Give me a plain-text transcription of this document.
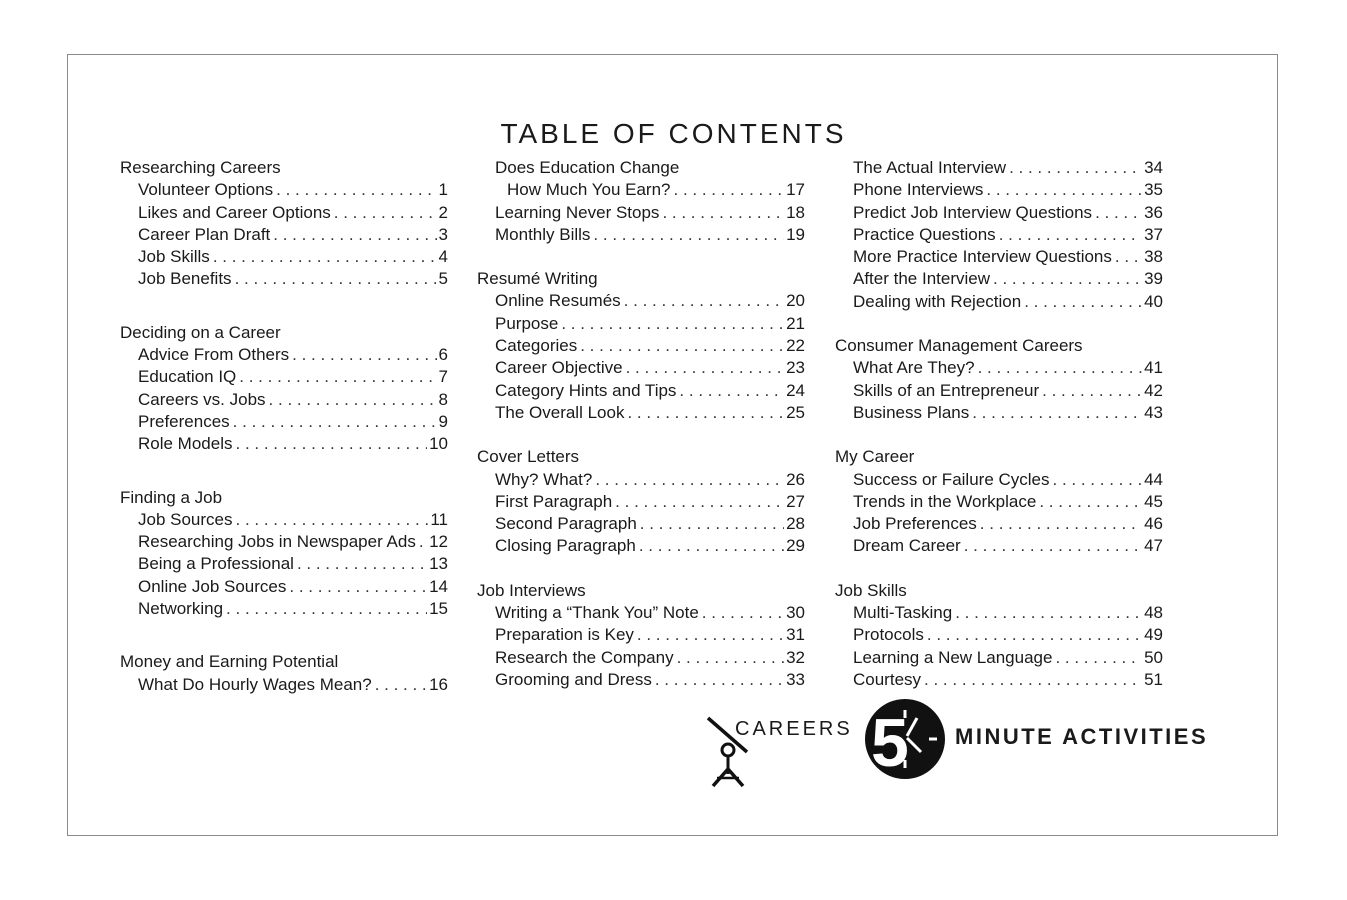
TABLE OF CONTENTS
Researching Careers
Volunteer Options . . .	1
Likes and Career Options . . .	2
Career Plan Draft . . .	3
Job Skills . . .	4
Job Benefits . . .	5
Deciding on a Career
Advice From Others . . .	6
Education IQ . . .	7
Careers vs. Jobs . . .	8
Preferences . . .	9
Role Models . . .	10
Finding a Job
Job Sources . . .	11
Researching Jobs in Newspaper Ads . . . 12
Being a Professional . . .	13
Online Job Sources . . .	14
Networking . . .	15
Money and Earning Potential
What Do Hourly Wages Mean? . . .	16
Does Education Change
How Much You Earn? . . .	17
Learning Never Stops . . .	18
Monthly Bills . . .	19
Resumé Writing
Online Resumés . . .	20
Purpose . . .	21
Categories . . .	22
Career Objective . . .	23
Category Hints and Tips . . .	24
The Overall Look . . .	25
Cover Letters
Why? What? . . .	26
First Paragraph . . .	27
Second Paragraph . . .	28
Closing Paragraph . . .	29
Job Interviews
Writing a “Thank You” Note . . .	30
Preparation is Key . . .	31
Research the Company . . .	32
Grooming and Dress . . .	33
The Actual Interview . . .	34
Phone Interviews . . .	35
Predict Job Interview Questions . . .	36
Practice Questions . . .	37
More Practice Interview Questions . . . 38
After the Interview . . .	39
Dealing with Rejection . . .	40
Consumer Management Careers
What Are They? . . .	41
Skills of an Entrepreneur . . .	42
Business Plans . . .	43
My Career
Success or Failure Cycles . . .	44
Trends in the Workplace . . .	45
Job Preferences . . .	46
Dream Career . . .	47
Job Skills
Multi-Tasking . . .	48
Protocols . . .	49
Learning a New Language . . .	50
Courtesy . . .	51
CAREERS 5 MINUTE ACTIVITIES
